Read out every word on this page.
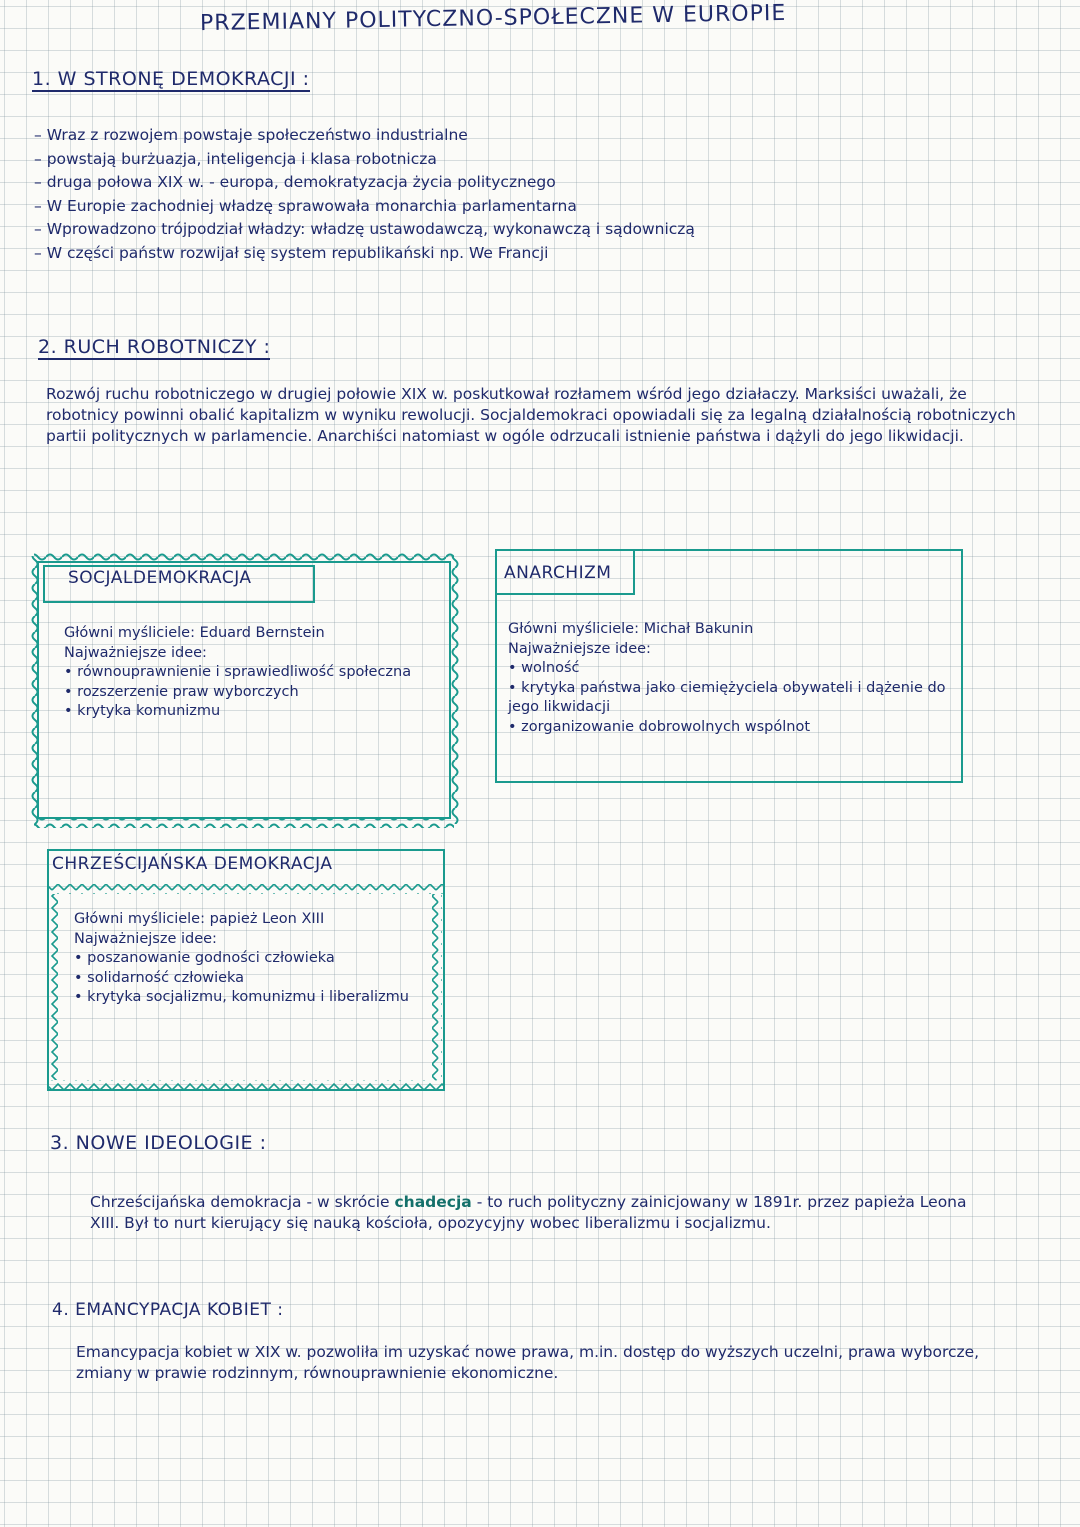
PRZEMIANY POLITYCZNO-SPOŁECZNE W EUROPIE
1. W STRONĘ DEMOKRACJI :
– Wraz z rozwojem powstaje społeczeństwo industrialne
– powstają burżuazja, inteligencja i klasa robotnicza
– druga połowa XIX w. - europa, demokratyzacja życia politycznego
– W Europie zachodniej władzę sprawowała monarchia parlamentarna
– Wprowadzono trójpodział władzy: władzę ustawodawczą, wykonawczą i sądowniczą
– W części państw rozwijał się system republikański np. We Francji
2. RUCH ROBOTNICZY :
Rozwój ruchu robotniczego w drugiej połowie XIX w. poskutkował rozłamem wśród jego działaczy. Marksiści uważali, że robotnicy powinni obalić kapitalizm w wyniku rewolucji. Socjaldemokraci opowiadali się za legalną działalnością robotniczych partii politycznych w parlamencie. Anarchiści natomiast w ogóle odrzucali istnienie państwa i dążyli do jego likwidacji.
SOCJALDEMOKRACJA
Główni myśliciele: Eduard Bernstein
Najważniejsze idee:
• równouprawnienie i sprawiedliwość społeczna
• rozszerzenie praw wyborczych
• krytyka komunizmu
ANARCHIZM
Główni myśliciele: Michał Bakunin
Najważniejsze idee:
• wolność
• krytyka państwa jako ciemiężyciela obywateli i dążenie do jego likwidacji
• zorganizowanie dobrowolnych wspólnot
CHRZEŚCIJAŃSKA DEMOKRACJA
Główni myśliciele: papież Leon XIII
Najważniejsze idee:
• poszanowanie godności człowieka
• solidarność człowieka
• krytyka socjalizmu, komunizmu i liberalizmu
3. NOWE IDEOLOGIE :
Chrześcijańska demokracja - w skrócie chadecja - to ruch polityczny zainicjowany w 1891r. przez papieża Leona XIII. Był to nurt kierujący się nauką kościoła, opozycyjny wobec liberalizmu i socjalizmu.
4. EMANCYPACJA KOBIET :
Emancypacja kobiet w XIX w. pozwoliła im uzyskać nowe prawa, m.in. dostęp do wyższych uczelni, prawa wyborcze, zmiany w prawie rodzinnym, równouprawnienie ekonomiczne.
